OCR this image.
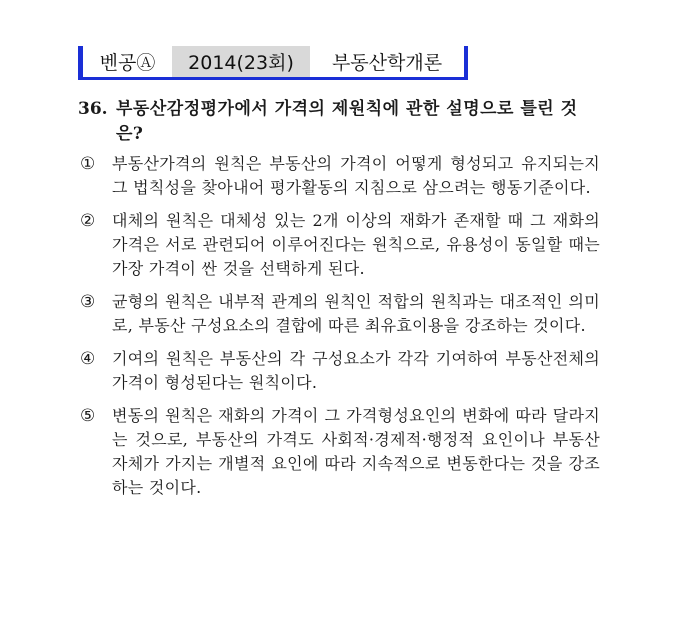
벤공Ⓐ	2014(23회)	부동산학개론
36. 부동산감정평가에서 가격의 제원칙에 관한 설명으로 틀린 것은?
①	부동산가격의 원칙은 부동산의 가격이 어떻게 형성되고 유지되는지 그 법칙성을 찾아내어 평가활동의 지침으로 삼으려는 행동기준이다.
②	대체의 원칙은 대체성 있는 2개 이상의 재화가 존재할 때 그 재화의 가격은 서로 관련되어 이루어진다는 원칙으로, 유용성이 동일할 때는 가장 가격이 싼 것을 선택하게 된다.
③	균형의 원칙은 내부적 관계의 원칙인 적합의 원칙과는 대조적인 의미로, 부동산 구성요소의 결합에 따른 최유효이용을 강조하는 것이다.
④	기여의 원칙은 부동산의 각 구성요소가 각각 기여하여 부동산전체의 가격이 형성된다는 원칙이다.
⑤	변동의 원칙은 재화의 가격이 그 가격형성요인의 변화에 따라 달라지는 것으로, 부동산의 가격도 사회적·경제적·행정적 요인이나 부동산 자체가 가지는 개별적 요인에 따라 지속적으로 변동한다는 것을 강조하는 것이다.
